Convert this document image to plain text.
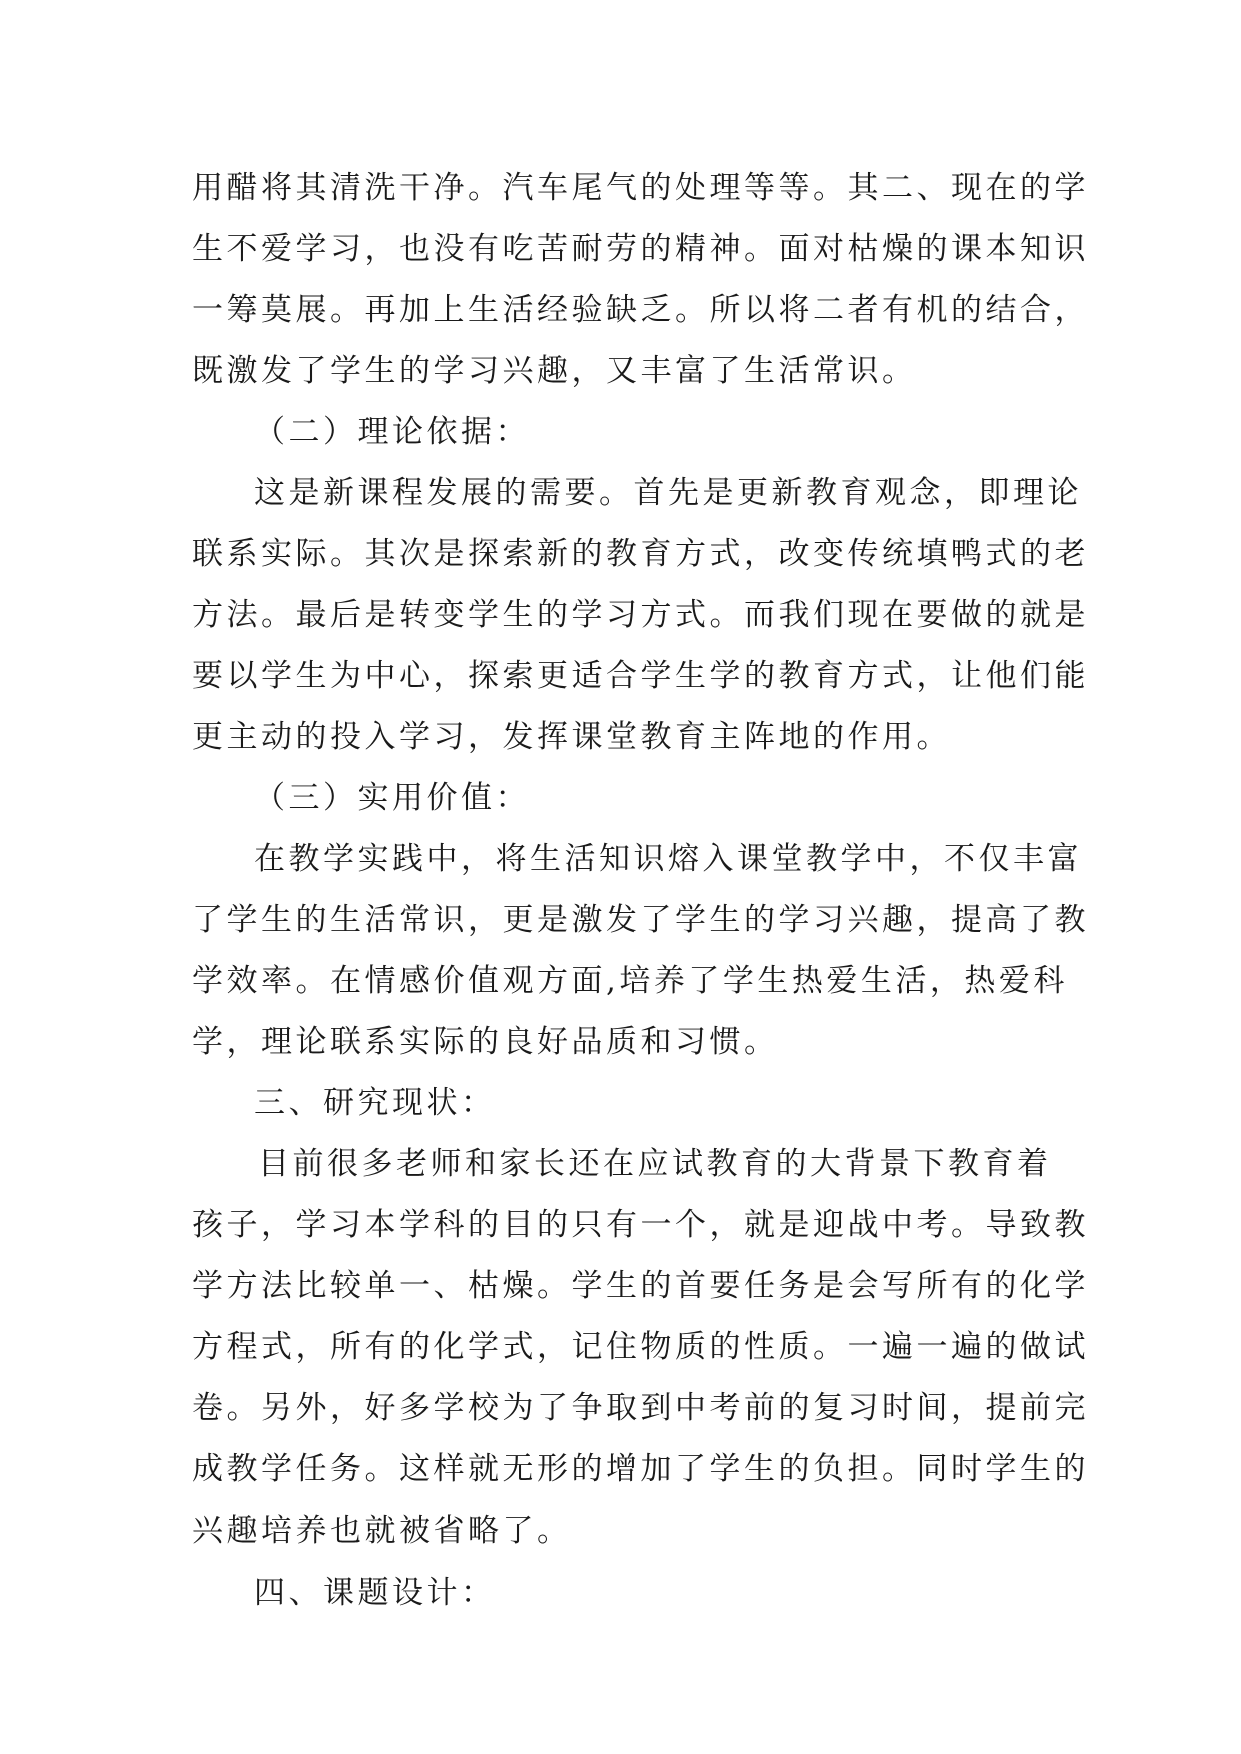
用醋将其清洗干净。汽车尾气的处理等等。其二、现在的学
生不爱学习，也没有吃苦耐劳的精神。面对枯燥的课本知识
一筹莫展。再加上生活经验缺乏。所以将二者有机的结合，
既激发了学生的学习兴趣，又丰富了生活常识。
（二）理论依据：
这是新课程发展的需要。首先是更新教育观念，即理论
联系实际。其次是探索新的教育方式，改变传统填鸭式的老
方法。最后是转变学生的学习方式。而我们现在要做的就是
要以学生为中心，探索更适合学生学的教育方式，让他们能
更主动的投入学习，发挥课堂教育主阵地的作用。
（三）实用价值：
在教学实践中，将生活知识熔入课堂教学中，不仅丰富
了学生的生活常识，更是激发了学生的学习兴趣，提高了教
学效率。在情感价值观方面,培养了学生热爱生活，热爱科
学，理论联系实际的良好品质和习惯。
三、研究现状：
目前很多老师和家长还在应试教育的大背景下教育着
孩子，学习本学科的目的只有一个，就是迎战中考。导致教
学方法比较单一、枯燥。学生的首要任务是会写所有的化学
方程式，所有的化学式，记住物质的性质。一遍一遍的做试
卷。另外，好多学校为了争取到中考前的复习时间，提前完
成教学任务。这样就无形的增加了学生的负担。同时学生的
兴趣培养也就被省略了。
四、课题设计：
